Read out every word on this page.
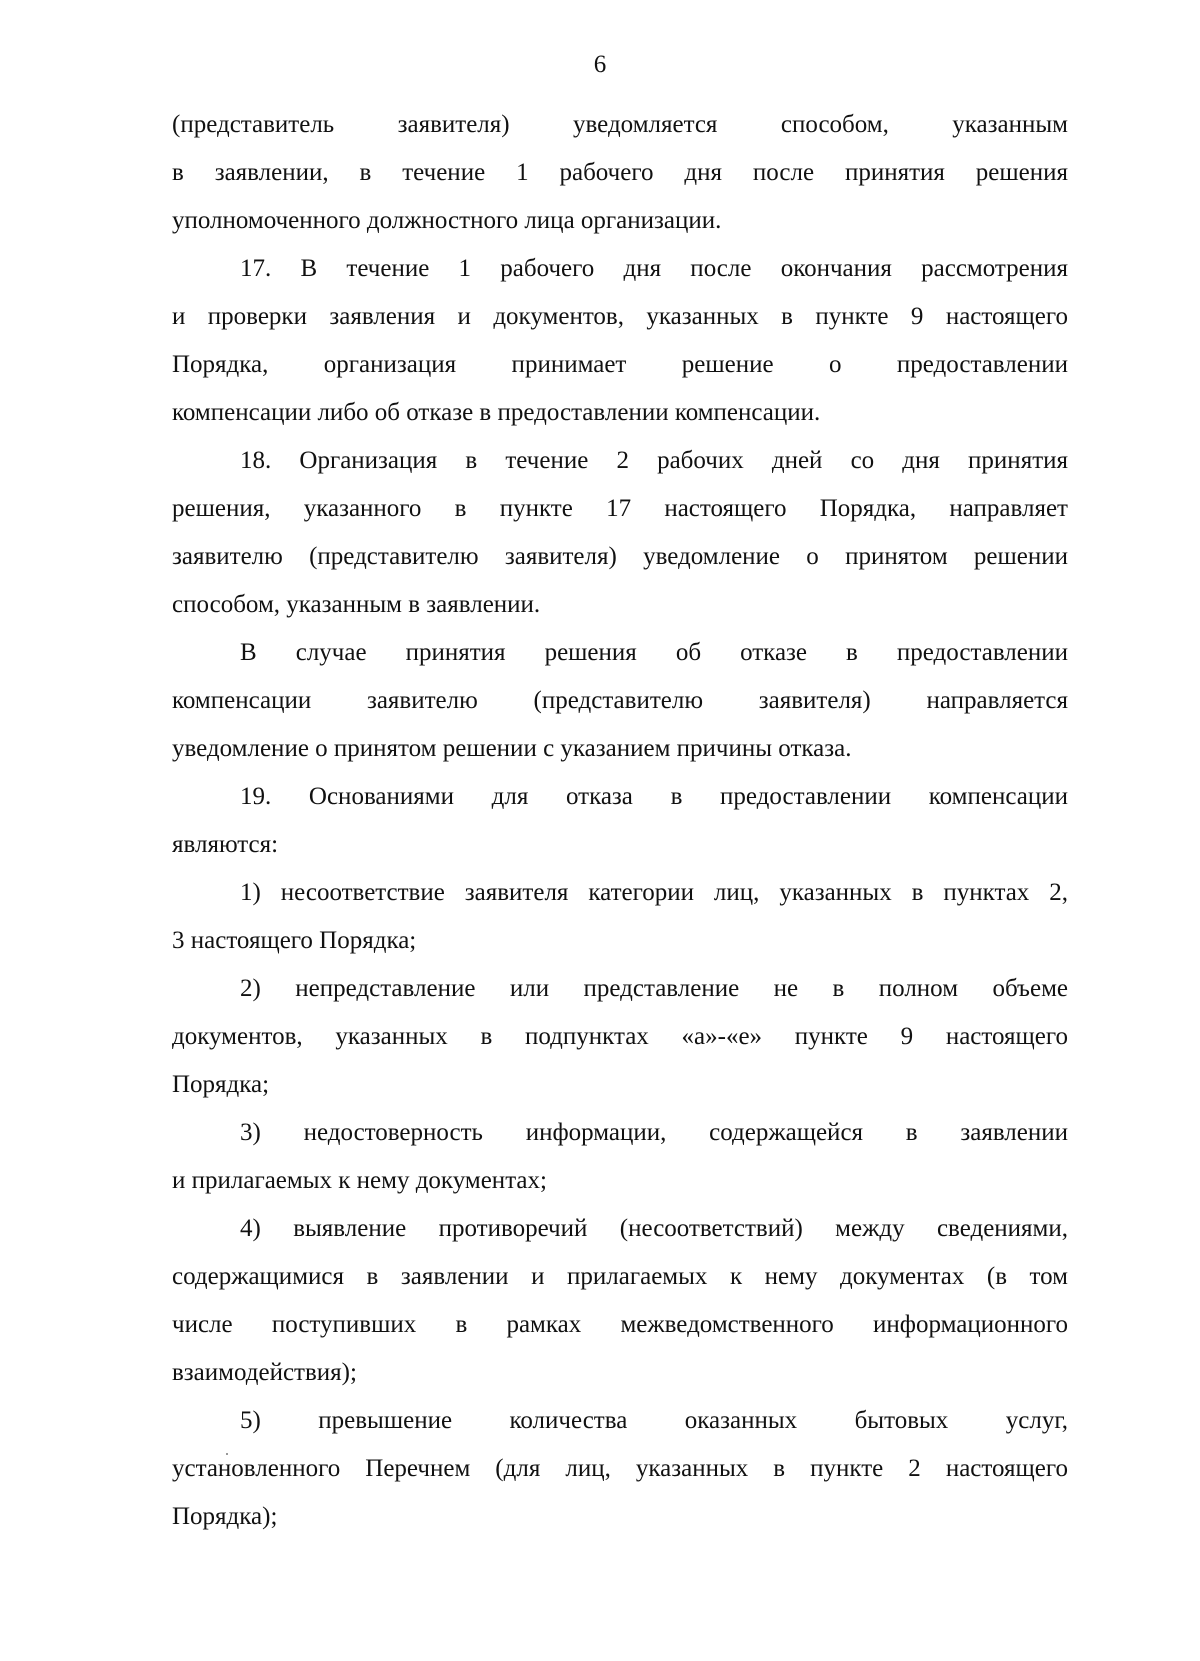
6

(представитель заявителя) уведомляется способом, указанным
в заявлении, в течение 1 рабочего дня после принятия решения
уполномоченного должностного лица организации.

17. В течение 1 рабочего дня после окончания рассмотрения
и проверки заявления и документов, указанных в пункте 9 настоящего
Порядка, организация принимает решение о предоставлении
компенсации либо об отказе в предоставлении компенсации.

18. Организация в течение 2 рабочих дней со дня принятия
решения, указанного в пункте 17 настоящего Порядка, направляет
заявителю (представителю заявителя) уведомление о принятом решении
способом, указанным в заявлении.

В случае принятия решения об отказе в предоставлении
компенсации заявителю (представителю заявителя) направляется
уведомление о принятом решении с указанием причины отказа.

19. Основаниями для отказа в предоставлении компенсации
являются:

1) несоответствие заявителя категории лиц, указанных в пунктах 2,
3 настоящего Порядка;

2) непредставление или представление не в полном объеме
документов, указанных в подпунктах «а»-«е» пункте 9 настоящего
Порядка;

3) недостоверность информации, содержащейся в заявлении
и прилагаемых к нему документах;

4) выявление противоречий (несоответствий) между сведениями,
содержащимися в заявлении и прилагаемых к нему документах (в том
числе поступивших в рамках межведомственного информационного
взаимодействия);

5) превышение количества оказанных бытовых услуг,
установленного Перечнем (для лиц, указанных в пункте 2 настоящего
Порядка);
